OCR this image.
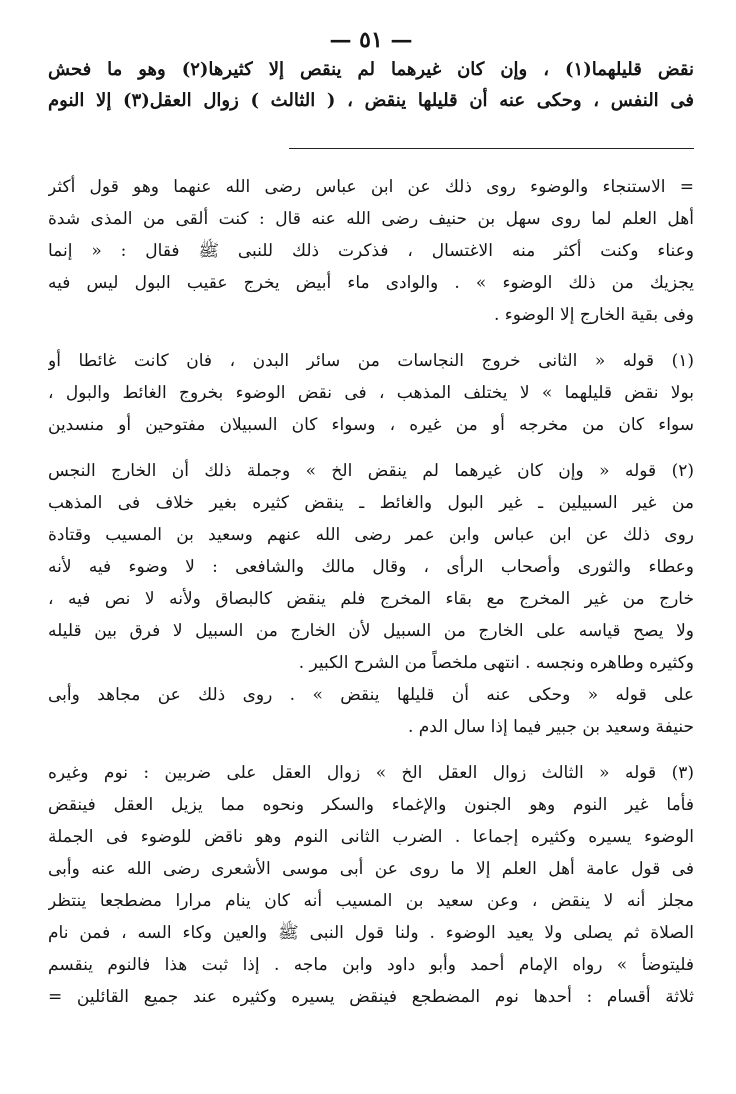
— ٥١ —
نقض قليلهما(١) ، وإن كان غيرهما لم ينقص إلا كثيرها(٢) وهو ما فحش
فى النفس ، وحكى عنه أن قليلها ينقض ، ( الثالث ) زوال العقل(٣) إلا النوم
= الاستنجاء والوضوء روى ذلك عن ابن عباس رضى الله عنهما وهو قول أكثر
أهل العلم لما روى سهل بن حنيف رضى الله عنه قال : كنت ألقى من المذى شدة
وعناء وكنت أكثر منه الاغتسال ، فذكرت ذلك للنبى ﷺ فقال : « إنما
يجزيك من ذلك الوضوء » . والوادى ماء أبيض يخرج عقيب البول ليس فيه
وفى بقية الخارج إلا الوضوء .
(١) قوله « الثانى خروج النجاسات من سائر البدن ، فان كانت غائطا أو
بولا نقض قليلهما » لا يختلف المذهب ، فى نقض الوضوء بخروج الغائط والبول ،
سواء كان من مخرجه أو من غيره ، وسواء كان السبيلان مفتوحين أو منسدين
(٢) قوله « وإن كان غيرهما لم ينقض الخ » وجملة ذلك أن الخارج النجس
من غير السبيلين ـ غير البول والغائط ـ ينقض كثيره بغير خلاف فى المذهب
روى ذلك عن ابن عباس وابن عمر رضى الله عنهم وسعيد بن المسيب وقتادة
وعطاء والثورى وأصحاب الرأى ، وقال مالك والشافعى : لا وضوء فيه لأنه
خارج من غير المخرج مع بقاء المخرج فلم ينقض كالبصاق ولأنه لا نص فيه ،
ولا يصح قياسه على الخارج من السبيل لأن الخارج من السبيل لا فرق بين قليله
وكثيره وطاهره ونجسه . انتهى ملخصاً من الشرح الكبير .
على قوله « وحكى عنه أن قليلها ينقض » . روى ذلك عن مجاهد وأبى
حنيفة وسعيد بن جبير فيما إذا سال الدم .
(٣) قوله « الثالث زوال العقل الخ » زوال العقل على ضربين : نوم وغيره
فأما غير النوم وهو الجنون والإغماء والسكر ونحوه مما يزيل العقل فينقض
الوضوء يسيره وكثيره إجماعا . الضرب الثانى النوم وهو ناقض للوضوء فى الجملة
فى قول عامة أهل العلم إلا ما روى عن أبى موسى الأشعرى رضى الله عنه وأبى
مجلز أنه لا ينقض ، وعن سعيد بن المسيب أنه كان ينام مرارا مضطجعا ينتظر
الصلاة ثم يصلى ولا يعيد الوضوء . ولنا قول النبى ﷺ والعين وكاء السه ، فمن نام
فليتوضأ » رواه الإمام أحمد وأبو داود وابن ماجه . إذا ثبت هذا فالنوم ينقسم
ثلاثة أقسام : أحدها نوم المضطجع فينقض يسيره وكثيره عند جميع القائلين =
